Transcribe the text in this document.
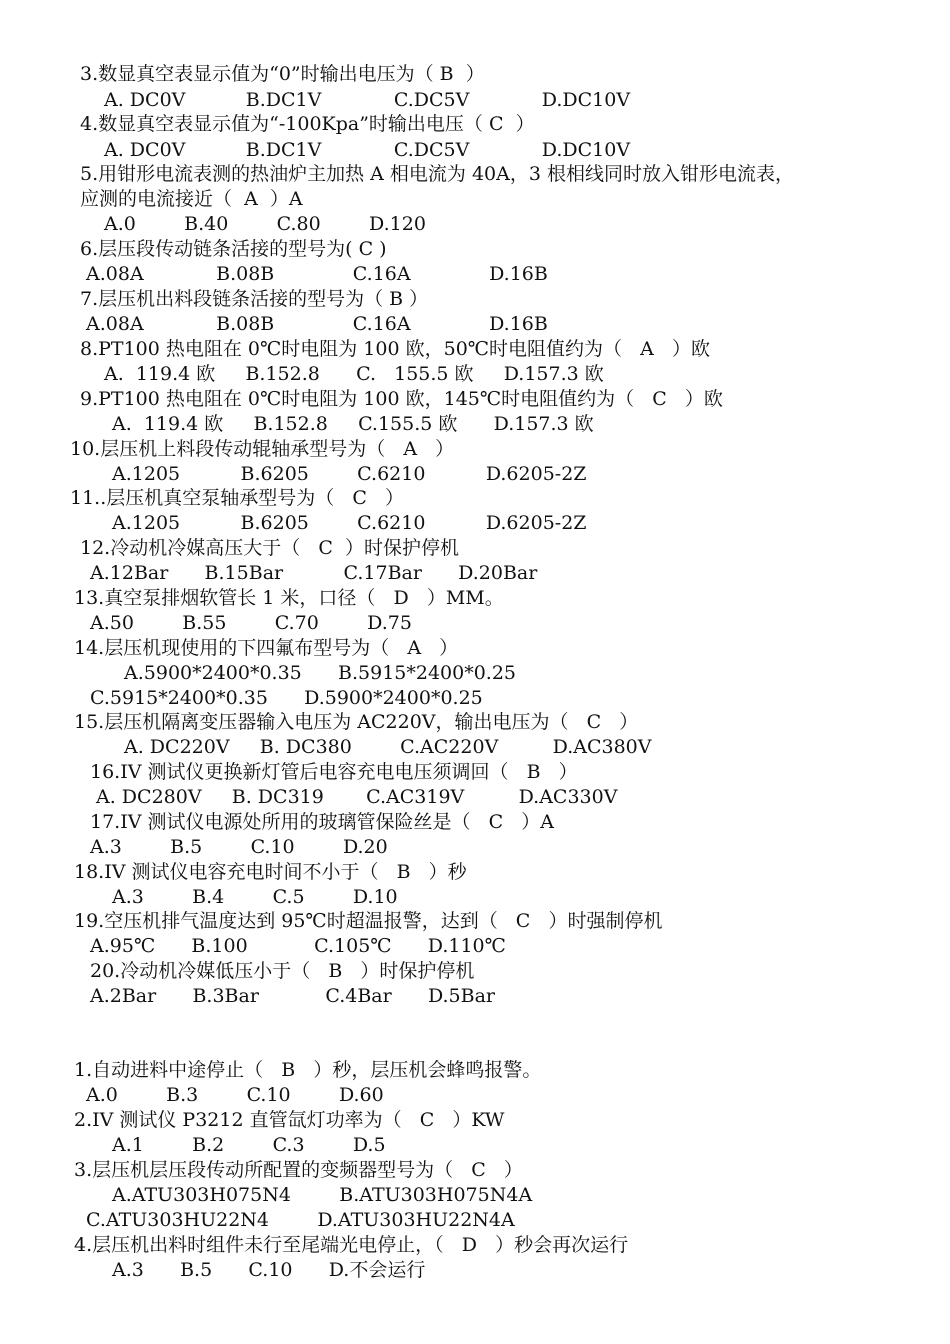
3.数显真空表显示值为“0”时输出电压为（ B  ）
A. DC0V          B.DC1V            C.DC5V            D.DC10V
4.数显真空表显示值为“-100Kpa”时输出电压（ C  ）
A. DC0V          B.DC1V            C.DC5V            D.DC10V
5.用钳形电流表测的热油炉主加热 A 相电流为 40A，3 根相线同时放入钳形电流表，
应测的电流接近（  A  ）A
A.0        B.40        C.80        D.120
6.层压段传动链条活接的型号为( C )
A.08A            B.08B             C.16A             D.16B
7.层压机出料段链条活接的型号为（ B ）
A.08A            B.08B             C.16A             D.16B
8.PT100 热电阻在 0℃时电阻为 100 欧，50℃时电阻值约为（   A   ）欧
A.  119.4 欧     B.152.8      C.   155.5 欧     D.157.3 欧
9.PT100 热电阻在 0℃时电阻为 100 欧，145℃时电阻值约为（   C   ）欧
A.  119.4 欧     B.152.8     C.155.5 欧      D.157.3 欧
10.层压机上料段传动辊轴承型号为（   A   ）
A.1205          B.6205        C.6210          D.6205-2Z
11..层压机真空泵轴承型号为（   C   ）
A.1205          B.6205        C.6210          D.6205-2Z
12.冷动机冷媒高压大于（   C  ）时保护停机
A.12Bar      B.15Bar          C.17Bar      D.20Bar
13.真空泵排烟软管长 1 米，口径（   D   ）MM。
A.50        B.55        C.70        D.75
14.层压机现使用的下四氟布型号为（   A   ）
A.5900*2400*0.35      B.5915*2400*0.25
C.5915*2400*0.35      D.5900*2400*0.25
15.层压机隔离变压器输入电压为 AC220V，输出电压为（   C   ）
A. DC220V     B. DC380        C.AC220V         D.AC380V
16.IV 测试仪更换新灯管后电容充电电压须调回（   B   ）
A. DC280V     B. DC319       C.AC319V         D.AC330V
17.IV 测试仪电源处所用的玻璃管保险丝是（   C   ）A
A.3        B.5        C.10        D.20
18.IV 测试仪电容充电时间不小于（   B   ）秒
A.3        B.4        C.5        D.10
19.空压机排气温度达到 95℃时超温报警，达到（   C   ）时强制停机
A.95℃      B.100           C.105℃      D.110℃
20.冷动机冷媒低压小于（   B   ）时保护停机
A.2Bar      B.3Bar           C.4Bar      D.5Bar
1.自动进料中途停止（   B   ）秒，层压机会蜂鸣报警。
A.0        B.3        C.10        D.60
2.IV 测试仪 P3212 直管氙灯功率为（   C   ）KW
A.1        B.2        C.3        D.5
3.层压机层压段传动所配置的变频器型号为（   C   ）
A.ATU303H075N4        B.ATU303H075N4A
C.ATU303HU22N4        D.ATU303HU22N4A
4.层压机出料时组件未行至尾端光电停止，（   D   ）秒会再次运行
A.3      B.5      C.10      D.不会运行
